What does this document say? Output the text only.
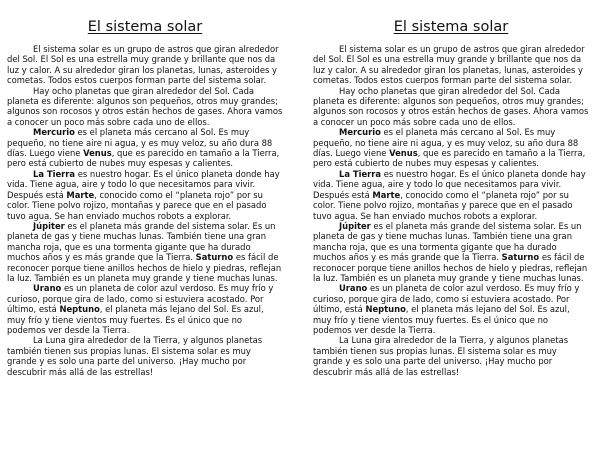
El sistema solar

El sistema solar es un grupo de astros que giran alrededor del Sol. El Sol es una estrella muy grande y brillante que nos da luz y calor. A su alrededor giran los planetas, lunas, asteroides y cometas. Todos estos cuerpos forman parte del sistema solar.

Hay ocho planetas que giran alrededor del Sol. Cada planeta es diferente: algunos son pequeños, otros muy grandes; algunos son rocosos y otros están hechos de gases. Ahora vamos a conocer un poco más sobre cada uno de ellos.

Mercurio es el planeta más cercano al Sol. Es muy pequeño, no tiene aire ni agua, y es muy veloz, su año dura 88 días. Luego viene Venus, que es parecido en tamaño a la Tierra, pero está cubierto de nubes muy espesas y calientes.

La Tierra es nuestro hogar. Es el único planeta donde hay vida. Tiene agua, aire y todo lo que necesitamos para vivir. Después está Marte, conocido como el “planeta rojo” por su color. Tiene polvo rojizo, montañas y parece que en el pasado tuvo agua. Se han enviado muchos robots a explorar.

Júpiter es el planeta más grande del sistema solar. Es un planeta de gas y tiene muchas lunas. También tiene una gran mancha roja, que es una tormenta gigante que ha durado muchos años y es más grande que la Tierra. Saturno es fácil de reconocer porque tiene anillos hechos de hielo y piedras, reflejan la luz. También es un planeta muy grande y tiene muchas lunas.

Urano es un planeta de color azul verdoso. Es muy frío y curioso, porque gira de lado, como si estuviera acostado. Por último, está Neptuno, el planeta más lejano del Sol. Es azul, muy frío y tiene vientos muy fuertes. Es el único que no podemos ver desde la Tierra.

La Luna gira alrededor de la Tierra, y algunos planetas también tienen sus propias lunas. El sistema solar es muy grande y es solo una parte del universo. ¡Hay mucho por descubrir más allá de las estrellas!

El sistema solar

El sistema solar es un grupo de astros que giran alrededor del Sol. El Sol es una estrella muy grande y brillante que nos da luz y calor. A su alrededor giran los planetas, lunas, asteroides y cometas. Todos estos cuerpos forman parte del sistema solar.

Hay ocho planetas que giran alrededor del Sol. Cada planeta es diferente: algunos son pequeños, otros muy grandes; algunos son rocosos y otros están hechos de gases. Ahora vamos a conocer un poco más sobre cada uno de ellos.

Mercurio es el planeta más cercano al Sol. Es muy pequeño, no tiene aire ni agua, y es muy veloz, su año dura 88 días. Luego viene Venus, que es parecido en tamaño a la Tierra, pero está cubierto de nubes muy espesas y calientes.

La Tierra es nuestro hogar. Es el único planeta donde hay vida. Tiene agua, aire y todo lo que necesitamos para vivir. Después está Marte, conocido como el “planeta rojo” por su color. Tiene polvo rojizo, montañas y parece que en el pasado tuvo agua. Se han enviado muchos robots a explorar.

Júpiter es el planeta más grande del sistema solar. Es un planeta de gas y tiene muchas lunas. También tiene una gran mancha roja, que es una tormenta gigante que ha durado muchos años y es más grande que la Tierra. Saturno es fácil de reconocer porque tiene anillos hechos de hielo y piedras, reflejan la luz. También es un planeta muy grande y tiene muchas lunas.

Urano es un planeta de color azul verdoso. Es muy frío y curioso, porque gira de lado, como si estuviera acostado. Por último, está Neptuno, el planeta más lejano del Sol. Es azul, muy frío y tiene vientos muy fuertes. Es el único que no podemos ver desde la Tierra.

La Luna gira alrededor de la Tierra, y algunos planetas también tienen sus propias lunas. El sistema solar es muy grande y es solo una parte del universo. ¡Hay mucho por descubrir más allá de las estrellas!
